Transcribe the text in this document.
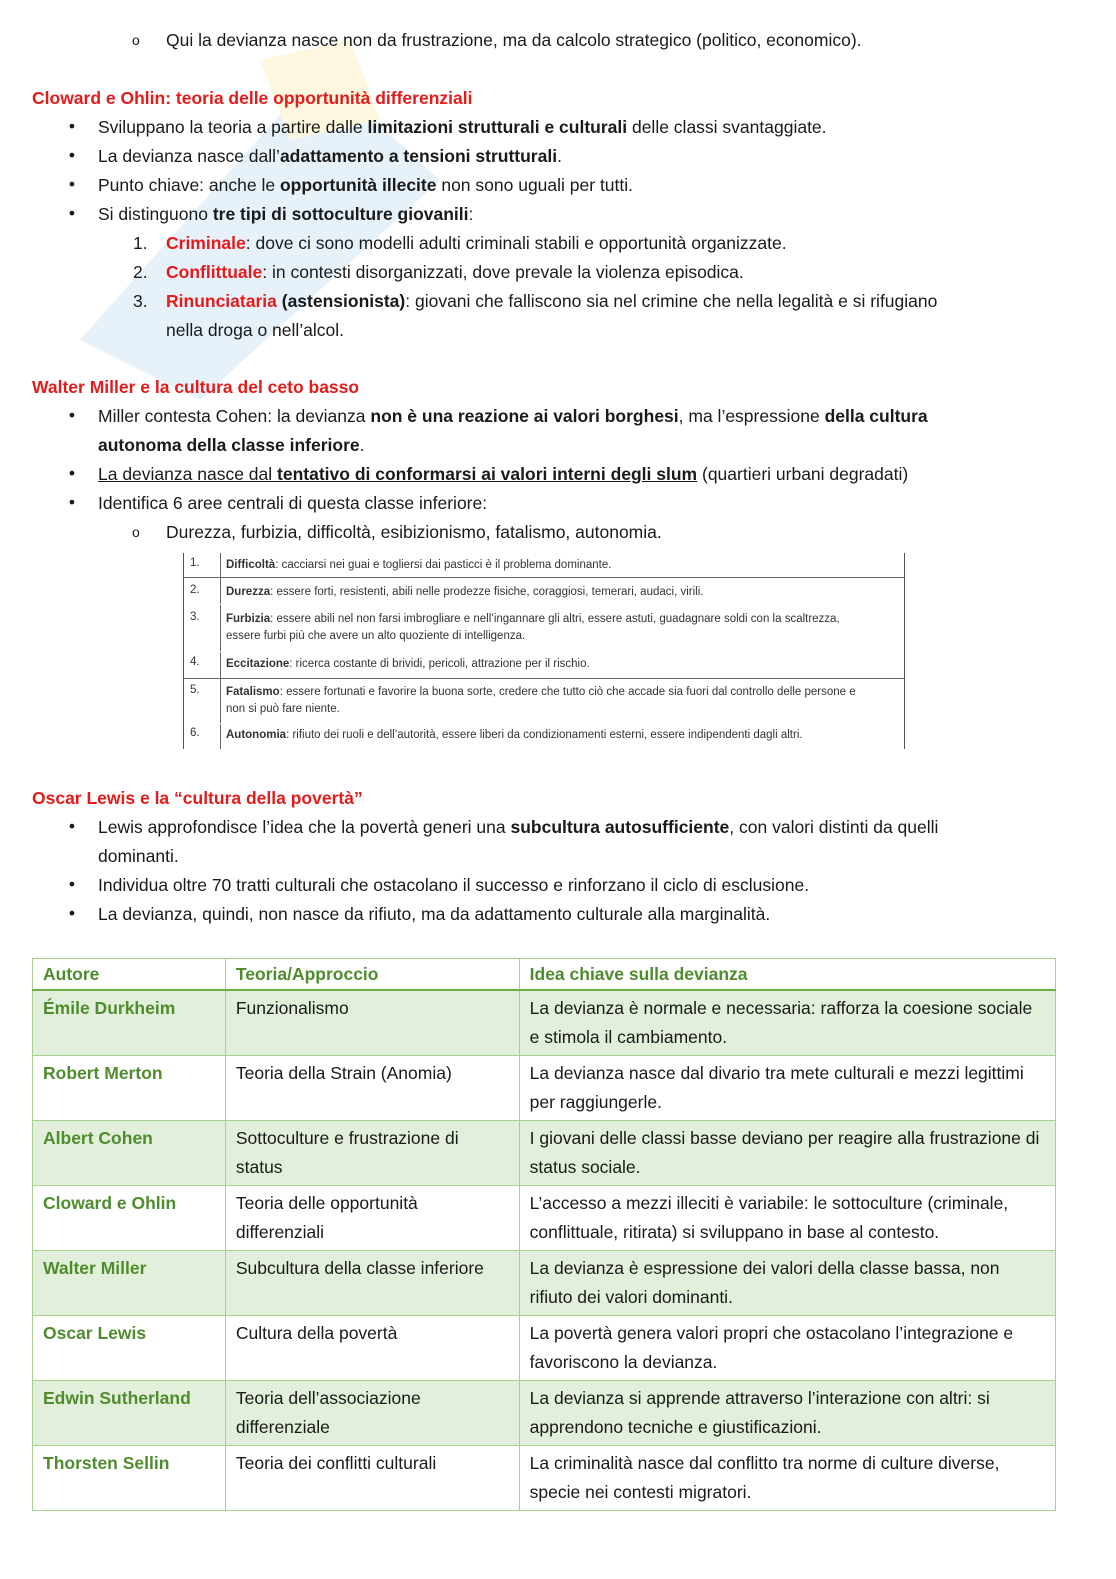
o Qui la devianza nasce non da frustrazione, ma da calcolo strategico (politico, economico).
Cloward e Ohlin: teoria delle opportunità differenziali
• Sviluppano la teoria a partire dalle limitazioni strutturali e culturali delle classi svantaggiate.
• La devianza nasce dall’adattamento a tensioni strutturali.
• Punto chiave: anche le opportunità illecite non sono uguali per tutti.
• Si distinguono tre tipi di sottoculture giovanili:
1. Criminale: dove ci sono modelli adulti criminali stabili e opportunità organizzate.
2. Conflittuale: in contesti disorganizzati, dove prevale la violenza episodica.
3. Rinunciataria (astensionista): giovani che falliscono sia nel crimine che nella legalità e si rifugiano
nella droga o nell’alcol.
Walter Miller e la cultura del ceto basso
• Miller contesta Cohen: la devianza non è una reazione ai valori borghesi, ma l’espressione della cultura
autonoma della classe inferiore.
• La devianza nasce dal tentativo di conformarsi ai valori interni degli slum (quartieri urbani degradati)
• Identifica 6 aree centrali di questa classe inferiore:
o Durezza, furbizia, difficoltà, esibizionismo, fatalismo, autonomia.
1. Difficoltà: cacciarsi nei guai e togliersi dai pasticci è il problema dominante.
2. Durezza: essere forti, resistenti, abili nelle prodezze fisiche, coraggiosi, temerari, audaci, virili.
3. Furbizia: essere abili nel non farsi imbrogliare e nell’ingannare gli altri, essere astuti, guadagnare soldi con la scaltrezza, essere furbi più che avere un alto quoziente di intelligenza.
4. Eccitazione: ricerca costante di brividi, pericoli, attrazione per il rischio.
5. Fatalismo: essere fortunati e favorire la buona sorte, credere che tutto ciò che accade sia fuori dal controllo delle persone e non si può fare niente.
6. Autonomia: rifiuto dei ruoli e dell’autorità, essere liberi da condizionamenti esterni, essere indipendenti dagli altri.
Oscar Lewis e la “cultura della povertà”
• Lewis approfondisce l’idea che la povertà generi una subcultura autosufficiente, con valori distinti da quelli
dominanti.
• Individua oltre 70 tratti culturali che ostacolano il successo e rinforzano il ciclo di esclusione.
• La devianza, quindi, non nasce da rifiuto, ma da adattamento culturale alla marginalità.
Autore	Teoria/Approccio	Idea chiave sulla devianza
Émile Durkheim	Funzionalismo	La devianza è normale e necessaria: rafforza la coesione sociale e stimola il cambiamento.
Robert Merton	Teoria della Strain (Anomia)	La devianza nasce dal divario tra mete culturali e mezzi legittimi per raggiungerle.
Albert Cohen	Sottoculture e frustrazione di status	I giovani delle classi basse deviano per reagire alla frustrazione di status sociale.
Cloward e Ohlin	Teoria delle opportunità differenziali	L’accesso a mezzi illeciti è variabile: le sottoculture (criminale, conflittuale, ritirata) si sviluppano in base al contesto.
Walter Miller	Subcultura della classe inferiore	La devianza è espressione dei valori della classe bassa, non rifiuto dei valori dominanti.
Oscar Lewis	Cultura della povertà	La povertà genera valori propri che ostacolano l’integrazione e favoriscono la devianza.
Edwin Sutherland	Teoria dell’associazione differenziale	La devianza si apprende attraverso l’interazione con altri: si apprendono tecniche e giustificazioni.
Thorsten Sellin	Teoria dei conflitti culturali	La criminalità nasce dal conflitto tra norme di culture diverse, specie nei contesti migratori.
